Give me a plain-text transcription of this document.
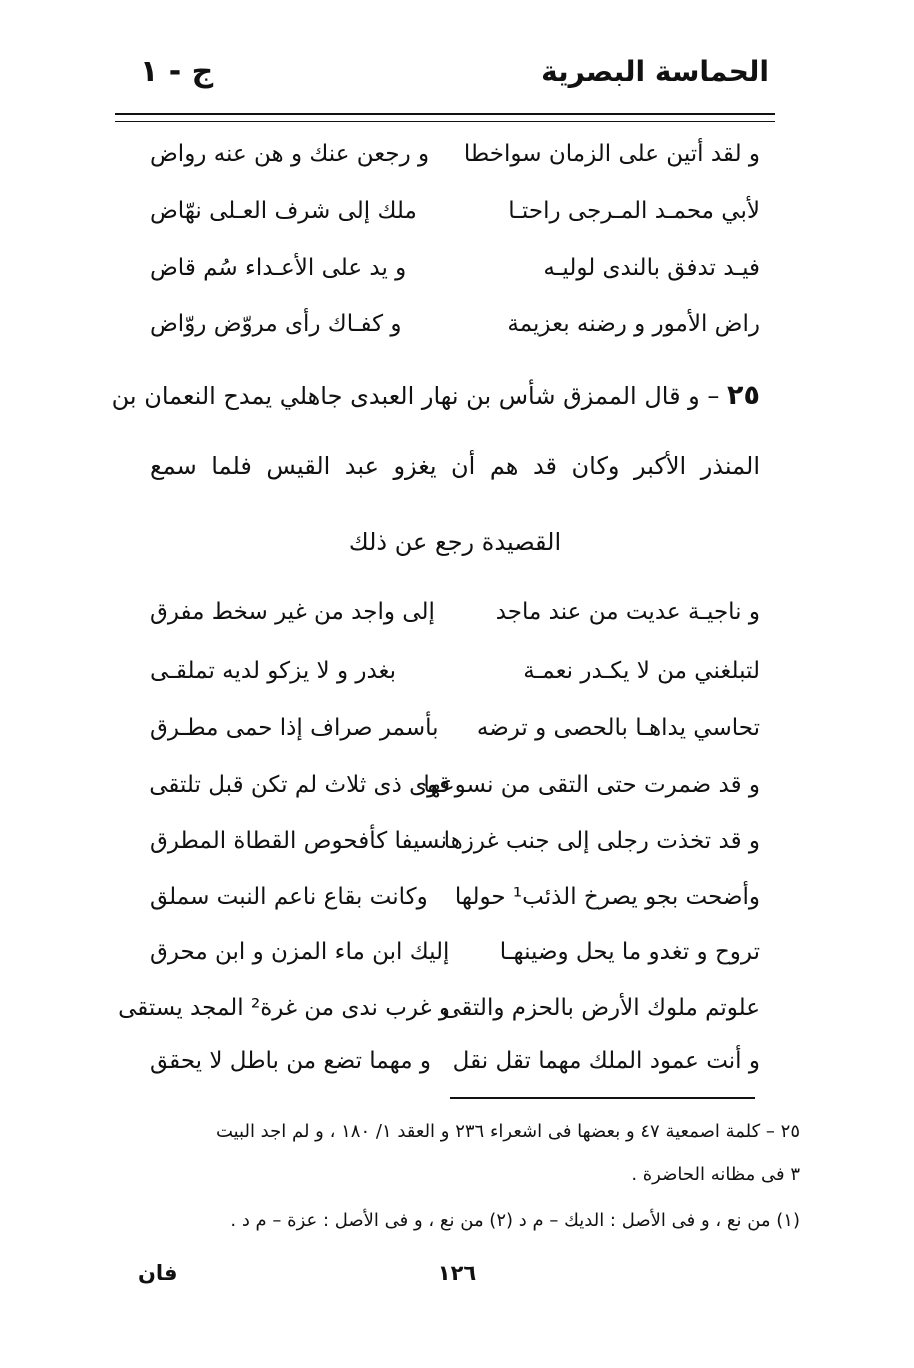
الحماسة البصرية
ج - ١
و لقد أتين على الزمان سواخطا
و رجعن عنك و هن عنه رواض
لأبي محمـد المـرجى راحتـا
ملك إلى شرف العـلى نهّاض
فيـد تدفق بالندى لوليـه
و يد على الأعـداء سُم قاض
راض الأمور و رضنه بعزيمة
و كفـاك رأى مروّض روّاض
٢٥ – و قال الممزق شأس بن نهار العبدى جاهلي يمدح النعمان بن
المنذر الأكبر وكان قد هم أن يغزو عبد القيس فلما سمع
القصيدة رجع عن ذلك
و ناجيـة عديت من عند ماجد
إلى واجد من غير سخط مفرق
لتبلغني من لا يكـدر نعمـة
بغدر و لا يزكو لديه تملقـى
تحاسي يداهـا بالحصى و ترضه
بأسمر صراف إذا حمى مطـرق
و قد ضمرت حتى التقى من نسوعها
قوى ذى ثلاث لم تكن قبل تلتقى
و قد تخذت رجلى إلى جنب غرزها
نسيفا كأفحوص القطاة المطرق
وأضحت بجو يصرخ الذئب¹ حولها
وكانت بقاع ناعم النبت سملق
تروح و تغدو ما يحل وضينهـا
إليك ابن ماء المزن و ابن محرق
علوتم ملوك الأرض بالحزم والتقى
و غرب ندى من غرة² المجد يستقى
و أنت عمود الملك مهما تقل نقل
و مهما تضع من باطل لا يحقق
٢٥ – كلمة اصمعية ٤٧ و بعضها فى اشعراء ٢٣٦ و العقد ١/ ١٨٠ ، و لم اجد البيت
٣ فى مظانه الحاضرة .
(١) من نع ، و فى الأصل : الديك – م د (٢) من نع ، و فى الأصل : عزة – م د .
١٢٦
فان
